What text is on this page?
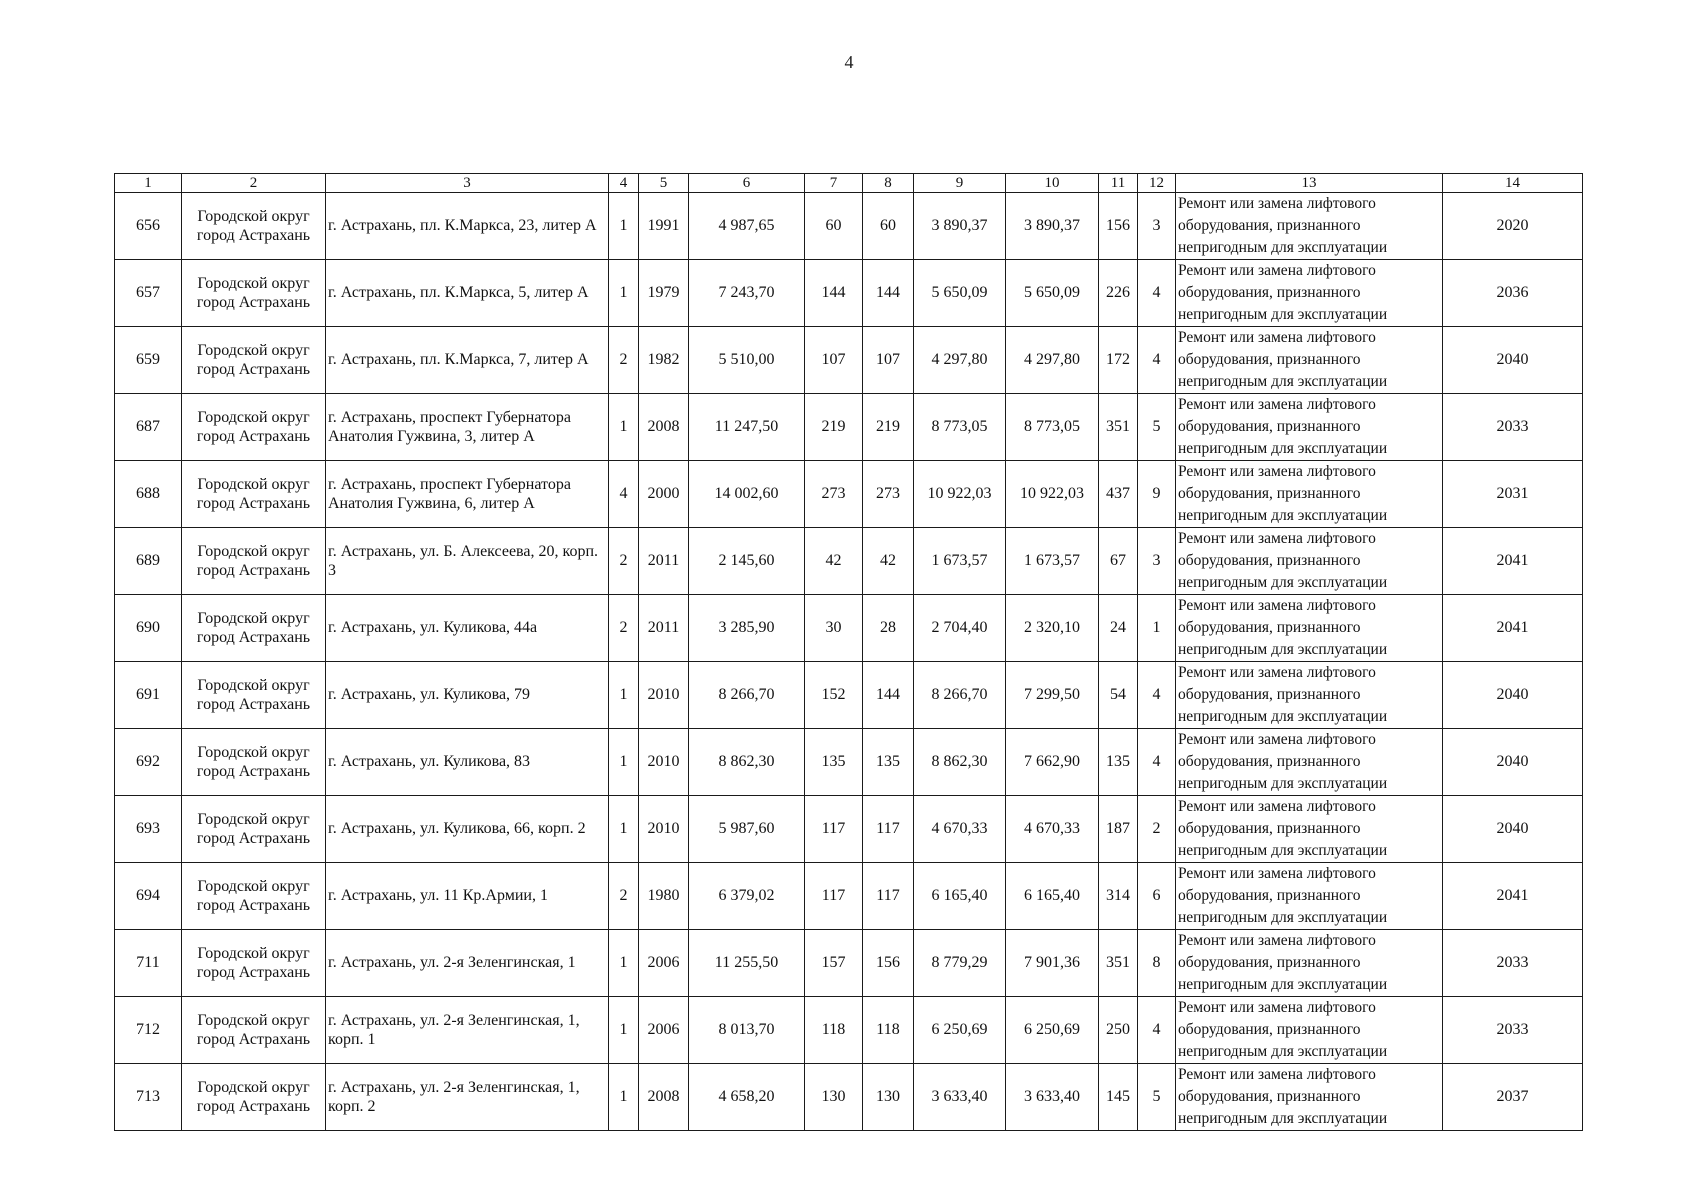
4
1	2	3	4	5	6	7	8	9	10	11	12	13	14
656	Городской округ город Астрахань	г. Астрахань, пл. К.Маркса, 23, литер А	1	1991	4 987,65	60	60	3 890,37	3 890,37	156	3	Ремонт или замена лифтового оборудования, признанного непригодным для эксплуатации	2020
657	Городской округ город Астрахань	г. Астрахань, пл. К.Маркса, 5, литер А	1	1979	7 243,70	144	144	5 650,09	5 650,09	226	4	Ремонт или замена лифтового оборудования, признанного непригодным для эксплуатации	2036
659	Городской округ город Астрахань	г. Астрахань, пл. К.Маркса, 7, литер А	2	1982	5 510,00	107	107	4 297,80	4 297,80	172	4	Ремонт или замена лифтового оборудования, признанного непригодным для эксплуатации	2040
687	Городской округ город Астрахань	г. Астрахань, проспект Губернатора Анатолия Гужвина, 3, литер А	1	2008	11 247,50	219	219	8 773,05	8 773,05	351	5	Ремонт или замена лифтового оборудования, признанного непригодным для эксплуатации	2033
688	Городской округ город Астрахань	г. Астрахань, проспект Губернатора Анатолия Гужвина, 6, литер А	4	2000	14 002,60	273	273	10 922,03	10 922,03	437	9	Ремонт или замена лифтового оборудования, признанного непригодным для эксплуатации	2031
689	Городской округ город Астрахань	г. Астрахань, ул. Б. Алексеева, 20, корп. 3	2	2011	2 145,60	42	42	1 673,57	1 673,57	67	3	Ремонт или замена лифтового оборудования, признанного непригодным для эксплуатации	2041
690	Городской округ город Астрахань	г. Астрахань, ул. Куликова, 44а	2	2011	3 285,90	30	28	2 704,40	2 320,10	24	1	Ремонт или замена лифтового оборудования, признанного непригодным для эксплуатации	2041
691	Городской округ город Астрахань	г. Астрахань, ул. Куликова, 79	1	2010	8 266,70	152	144	8 266,70	7 299,50	54	4	Ремонт или замена лифтового оборудования, признанного непригодным для эксплуатации	2040
692	Городской округ город Астрахань	г. Астрахань, ул. Куликова, 83	1	2010	8 862,30	135	135	8 862,30	7 662,90	135	4	Ремонт или замена лифтового оборудования, признанного непригодным для эксплуатации	2040
693	Городской округ город Астрахань	г. Астрахань, ул. Куликова, 66, корп. 2	1	2010	5 987,60	117	117	4 670,33	4 670,33	187	2	Ремонт или замена лифтового оборудования, признанного непригодным для эксплуатации	2040
694	Городской округ город Астрахань	г. Астрахань, ул. 11 Кр.Армии, 1	2	1980	6 379,02	117	117	6 165,40	6 165,40	314	6	Ремонт или замена лифтового оборудования, признанного непригодным для эксплуатации	2041
711	Городской округ город Астрахань	г. Астрахань, ул. 2-я Зеленгинская, 1	1	2006	11 255,50	157	156	8 779,29	7 901,36	351	8	Ремонт или замена лифтового оборудования, признанного непригодным для эксплуатации	2033
712	Городской округ город Астрахань	г. Астрахань, ул. 2-я Зеленгинская, 1, корп. 1	1	2006	8 013,70	118	118	6 250,69	6 250,69	250	4	Ремонт или замена лифтового оборудования, признанного непригодным для эксплуатации	2033
713	Городской округ город Астрахань	г. Астрахань, ул. 2-я Зеленгинская, 1, корп. 2	1	2008	4 658,20	130	130	3 633,40	3 633,40	145	5	Ремонт или замена лифтового оборудования, признанного непригодным для эксплуатации	2037
